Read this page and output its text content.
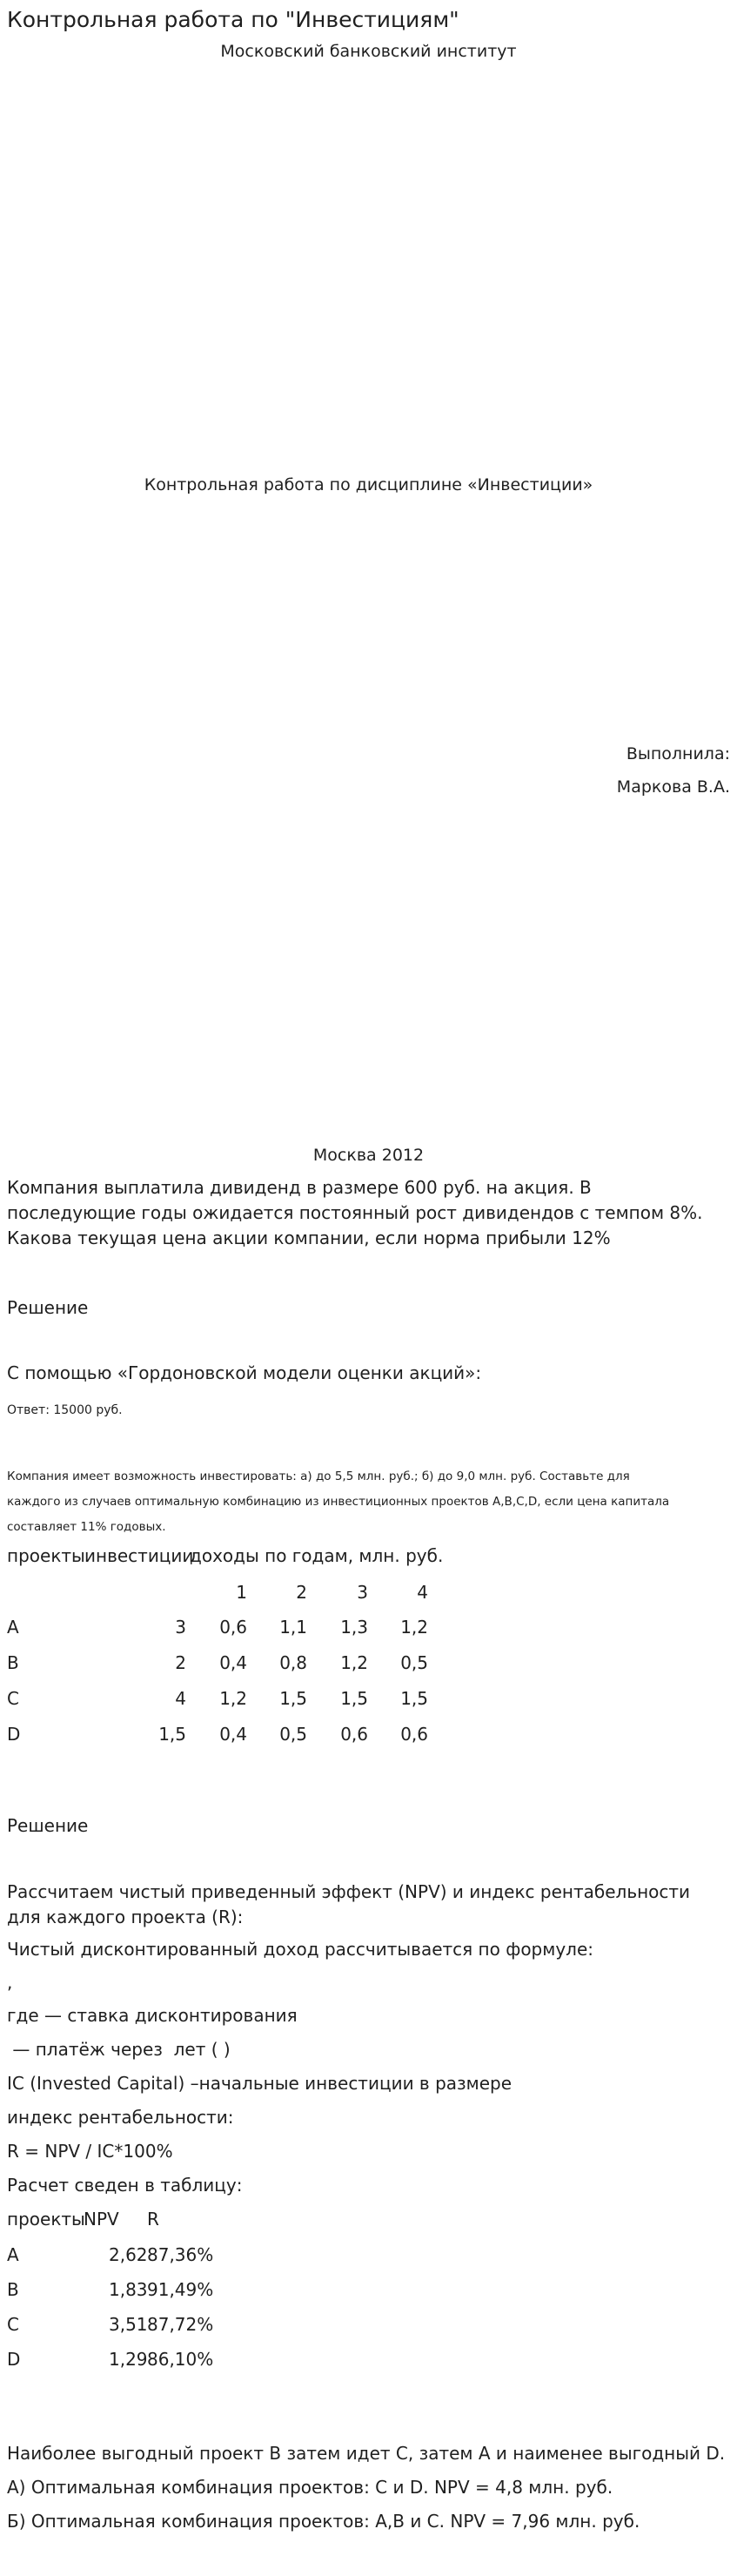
Контрольная работа по "Инвестициям"
Московский банковский институт
Контрольная работа по дисциплине «Инвестиции»
Выполнила:
Маркова В.А.
Москва 2012
Компания выплатила дивиденд в размере 600 руб. на акция. В последующие годы ожидается постоянный рост дивидендов с темпом 8%. Какова текущая цена акции компании, если норма прибыли 12%
Решение
С помощью «Гордоновской модели оценки акций»:
Ответ: 15000 руб.
Компания имеет возможность инвестировать: а) до 5,5 млн. руб.; б) до 9,0 млн. руб. Составьте для
каждого из случаев оптимальную комбинацию из инвестиционных проектов A,B,C,D, если цена капитала
составляет 11% годовых.
проекты инвестиции
доходы по годам, млн. руб.
1	2	3	4
A	3	0,6	1,1	1,3	1,2
B	2	0,4	0,8	1,2	0,5
C	4	1,2	1,5	1,5	1,5
D	1,5	0,4	0,5	0,6	0,6
Решение
Рассчитаем чистый приведенный эффект (NPV) и индекс рентабельности для каждого проекта (R):
Чистый дисконтированный доход рассчитывается по формуле:
,
где — ставка дисконтирования
— платёж через  лет ( )
IC (Invested Capital) –начальные инвестиции в размере
индекс рентабельности:
R = NPV / IC*100%
Расчет сведен в таблицу:
проекты
NPV R
A	2,62 87,36%
B	1,83 91,49%
C	3,51 87,72%
D	1,29 86,10%
Наиболее выгодный проект В затем идет С, затем А и наименее выгодный D.
А) Оптимальная комбинация проектов: C и D. NPV = 4,8 млн. руб.
Б) Оптимальная комбинация проектов: A,B и C. NPV = 7,96 млн. руб.
